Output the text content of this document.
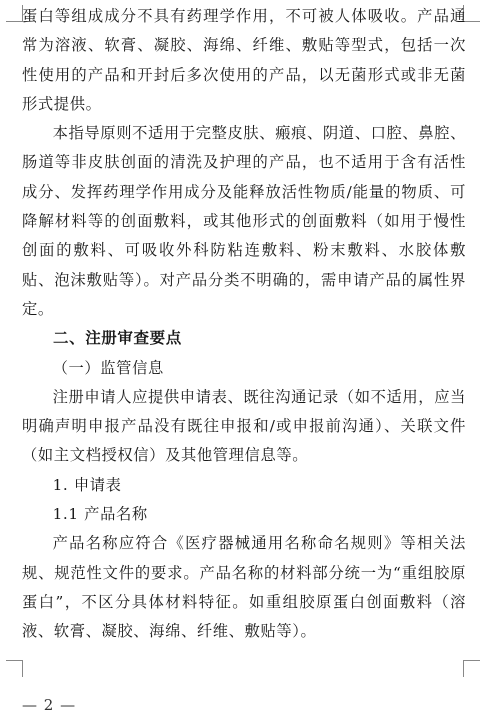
蛋白等组成成分不具有药理学作用，不可被人体吸收。产品通常为溶液、软膏、凝胶、海绵、纤维、敷贴等型式，包括一次性使用的产品和开封后多次使用的产品，以无菌形式或非无菌形式提供。

本指导原则不适用于完整皮肤、瘢痕、阴道、口腔、鼻腔、肠道等非皮肤创面的清洗及护理的产品，也不适用于含有活性成分、发挥药理学作用成分及能释放活性物质/能量的物质、可降解材料等的创面敷料，或其他形式的创面敷料（如用于慢性创面的敷料、可吸收外科防粘连敷料、粉末敷料、水胶体敷贴、泡沫敷贴等）。对产品分类不明确的，需申请产品的属性界定。

二、注册审查要点

（一）监管信息

注册申请人应提供申请表、既往沟通记录（如不适用，应当明确声明申报产品没有既往申报和/或申报前沟通）、关联文件（如主文档授权信）及其他管理信息等。

1. 申请表

1.1 产品名称

产品名称应符合《医疗器械通用名称命名规则》等相关法规、规范性文件的要求。产品名称的材料部分统一为“重组胶原蛋白”，不区分具体材料特征。如重组胶原蛋白创面敷料（溶液、软膏、凝胶、海绵、纤维、敷贴等）。

— 2 —
